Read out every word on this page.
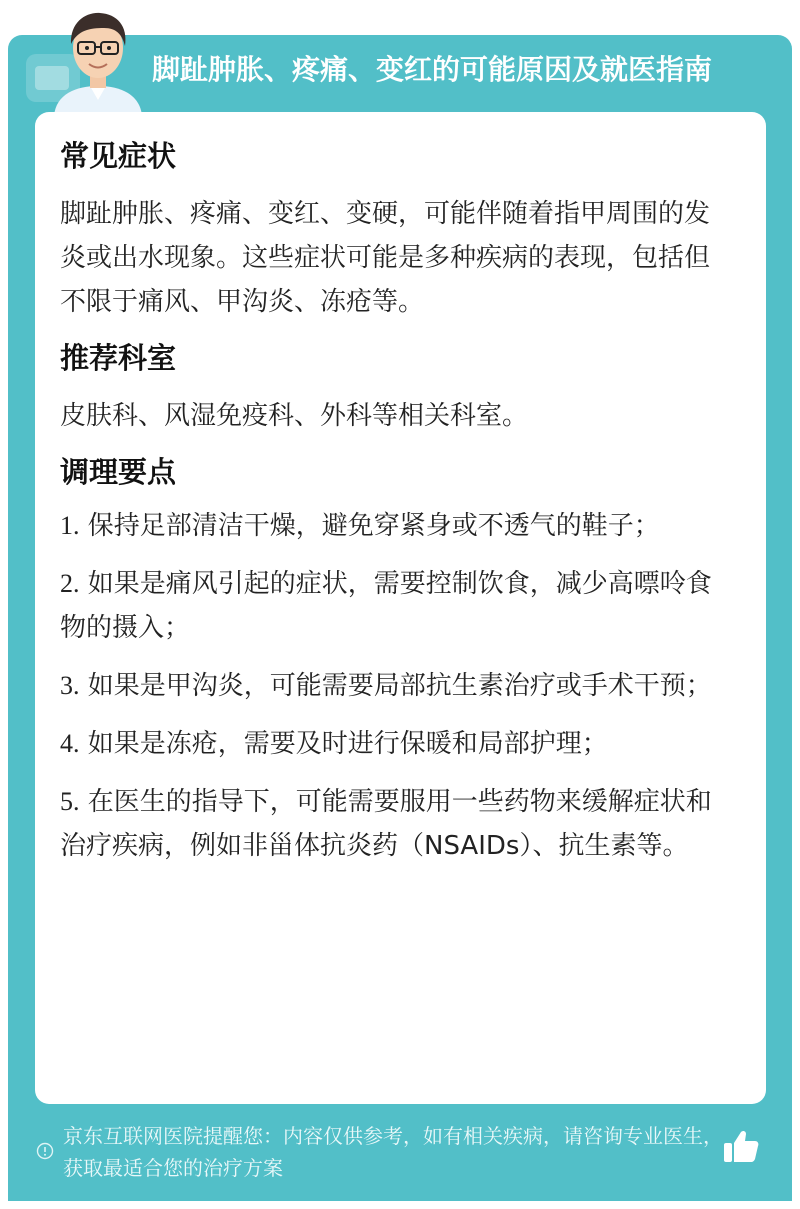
脚趾肿胀、疼痛、变红的可能原因及就医指南
常见症状

脚趾肿胀、疼痛、变红、变硬，可能伴随着指甲周围的发炎或出水现象。这些症状可能是多种疾病的表现，包括但不限于痛风、甲沟炎、冻疮等。

推荐科室

皮肤科、风湿免疫科、外科等相关科室。

调理要点
1. 保持足部清洁干燥，避免穿紧身或不透气的鞋子；
2. 如果是痛风引起的症状，需要控制饮食，减少高嘌呤食物的摄入；
3. 如果是甲沟炎，可能需要局部抗生素治疗或手术干预；
4. 如果是冻疮，需要及时进行保暖和局部护理；
5. 在医生的指导下，可能需要服用一些药物来缓解症状和治疗疾病，例如非甾体抗炎药（NSAIDs）、抗生素等。
京东互联网医院提醒您：内容仅供参考，如有相关疾病，请咨询专业医生，获取最适合您的治疗方案
